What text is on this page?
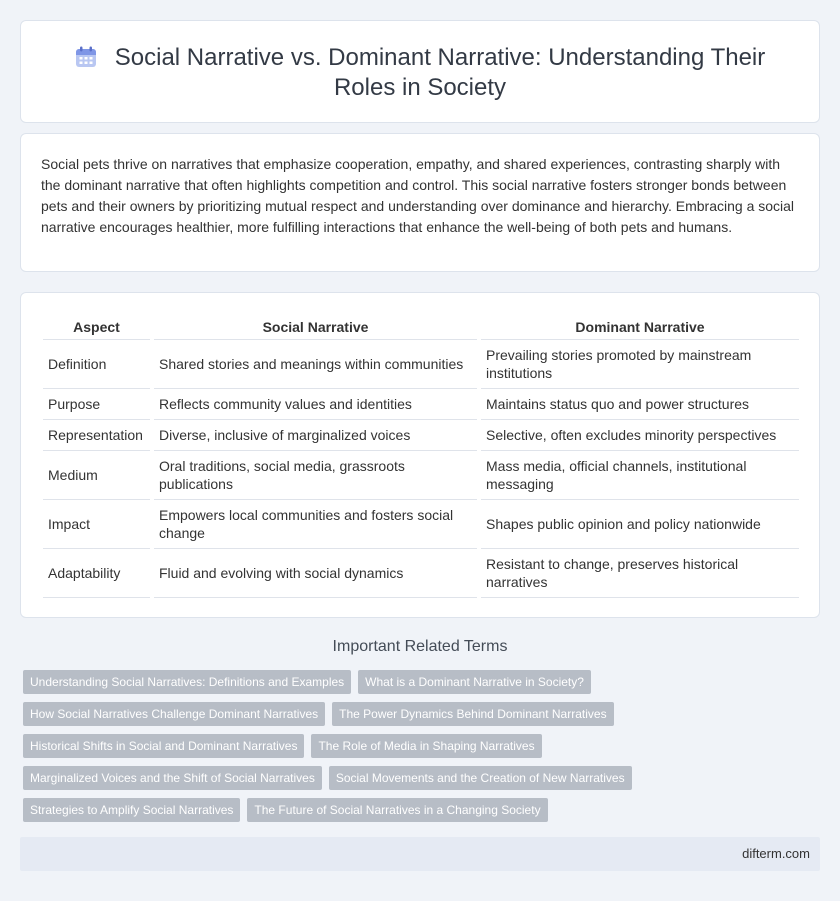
Social Narrative vs. Dominant Narrative: Understanding Their Roles in Society

Social pets thrive on narratives that emphasize cooperation, empathy, and shared experiences, contrasting sharply with the dominant narrative that often highlights competition and control. This social narrative fosters stronger bonds between pets and their owners by prioritizing mutual respect and understanding over dominance and hierarchy. Embracing a social narrative encourages healthier, more fulfilling interactions that enhance the well-being of both pets and humans.

Aspect	Social Narrative	Dominant Narrative
Definition	Shared stories and meanings within communities	Prevailing stories promoted by mainstream institutions
Purpose	Reflects community values and identities	Maintains status quo and power structures
Representation	Diverse, inclusive of marginalized voices	Selective, often excludes minority perspectives
Medium	Oral traditions, social media, grassroots publications	Mass media, official channels, institutional messaging
Impact	Empowers local communities and fosters social change	Shapes public opinion and policy nationwide
Adaptability	Fluid and evolving with social dynamics	Resistant to change, preserves historical narratives
Important Related Terms
Understanding Social Narratives: Definitions and Examples	What is a Dominant Narrative in Society?
How Social Narratives Challenge Dominant Narratives	The Power Dynamics Behind Dominant Narratives
Historical Shifts in Social and Dominant Narratives	The Role of Media in Shaping Narratives
Marginalized Voices and the Shift of Social Narratives	Social Movements and the Creation of New Narratives
Strategies to Amplify Social Narratives	The Future of Social Narratives in a Changing Society
difterm.com
